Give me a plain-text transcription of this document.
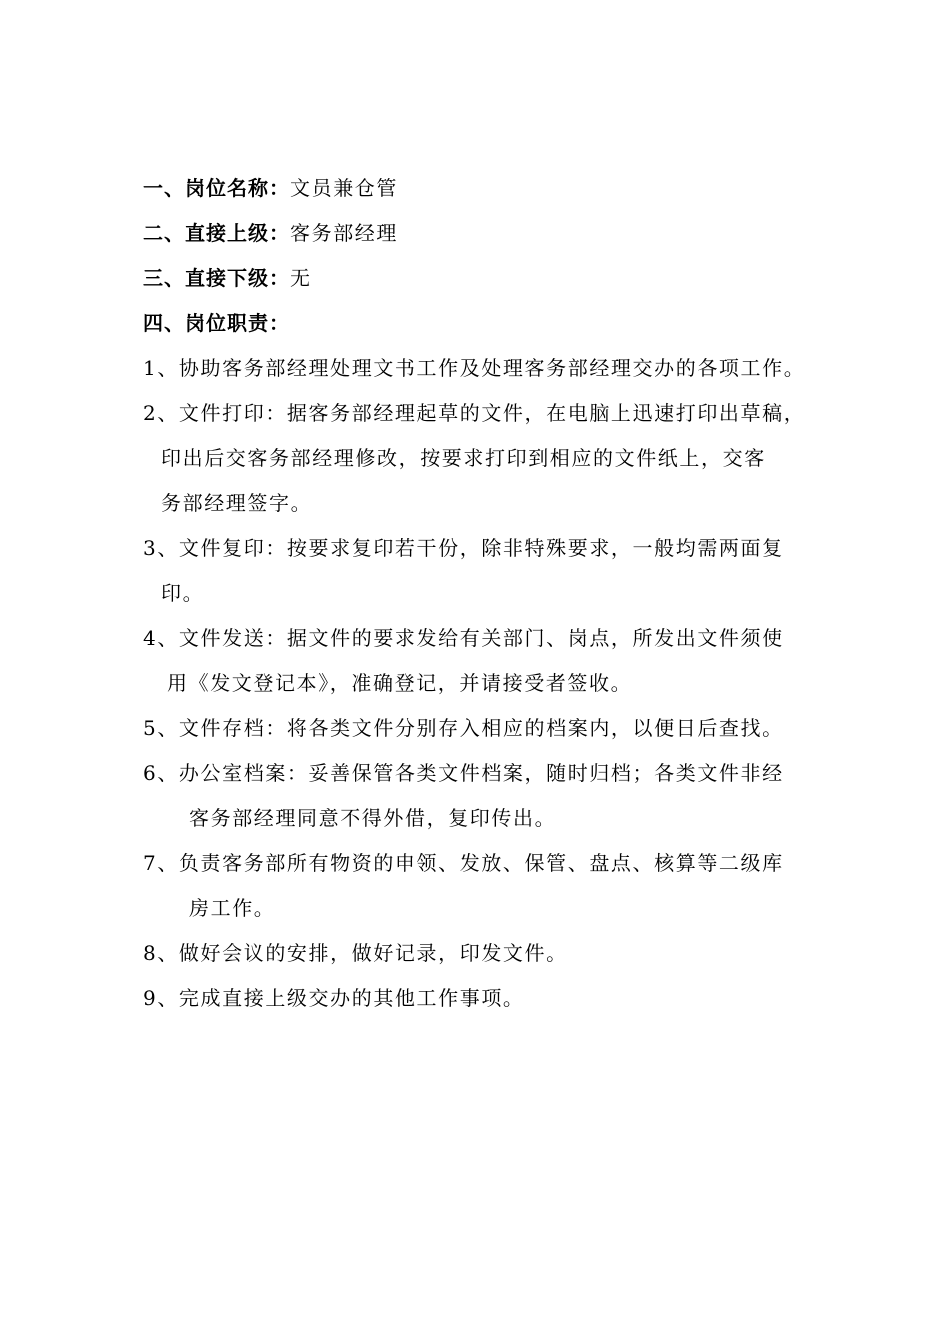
一、岗位名称：文员兼仓管
二、直接上级：客务部经理
三、直接下级：无
四、岗位职责：
1、协助客务部经理处理文书工作及处理客务部经理交办的各项工作。
2、文件打印：据客务部经理起草的文件，在电脑上迅速打印出草稿，
印出后交客务部经理修改，按要求打印到相应的文件纸上，交客
务部经理签字。
3、文件复印：按要求复印若干份，除非特殊要求，一般均需两面复
印。
4、文件发送：据文件的要求发给有关部门、岗点，所发出文件须使
用《发文登记本》，准确登记，并请接受者签收。
5、文件存档：将各类文件分别存入相应的档案内，以便日后查找。
6、办公室档案：妥善保管各类文件档案，随时归档；各类文件非经
客务部经理同意不得外借，复印传出。
7、负责客务部所有物资的申领、发放、保管、盘点、核算等二级库
房工作。
8、做好会议的安排，做好记录，印发文件。
9、完成直接上级交办的其他工作事项。
